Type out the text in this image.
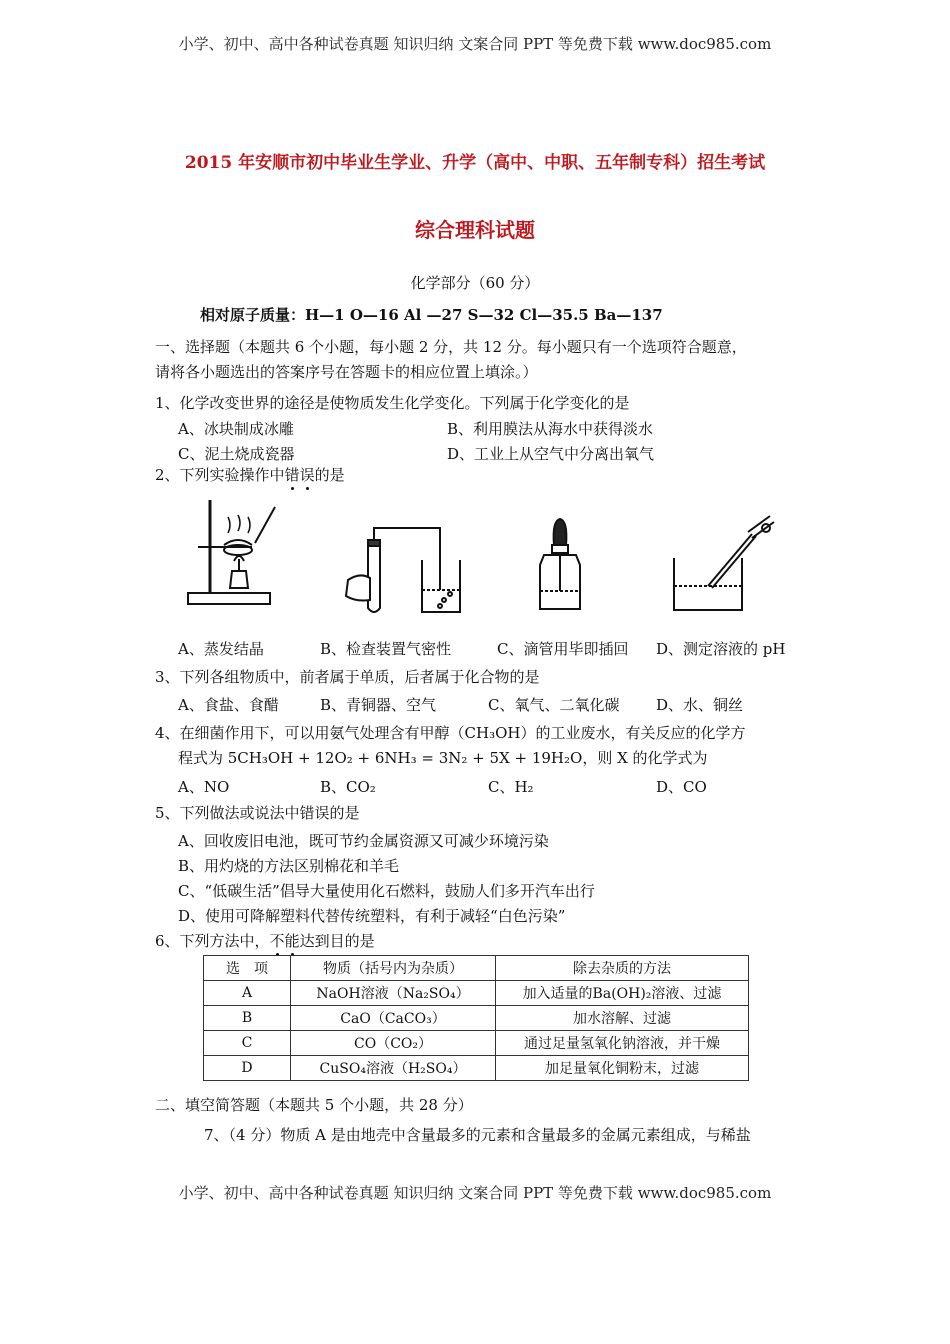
小学、初中、高中各种试卷真题 知识归纳 文案合同 PPT 等免费下载 www.doc985.com
2015 年安顺市初中毕业生学业、升学（高中、中职、五年制专科）招生考试
综合理科试题
化学部分（60 分）
相对原子质量：H—1 O—16 Al —27 S—32 Cl—35.5 Ba—137
一、选择题（本题共 6 个小题，每小题 2 分，共 12 分。每小题只有一个选项符合题意，
请将各小题选出的答案序号在答题卡的相应位置上填涂。）
1、化学改变世界的途径是使物质发生化学变化。下列属于化学变化的是
A、冰块制成冰雕	B、利用膜法从海水中获得淡水
C、泥土烧成瓷器	D、工业上从空气中分离出氧气
2、下列实验操作中错误的是
A、蒸发结晶	B、检查装置气密性	C、滴管用毕即插回 D、测定溶液的 pH
3、下列各组物质中，前者属于单质，后者属于化合物的是
A、食盐、食醋	B、青铜器、空气	C、氧气、二氧化碳 D、水、铜丝
4、在细菌作用下，可以用氨气处理含有甲醇（CH₃OH）的工业废水，有关反应的化学方
程式为 5CH₃OH + 12O₂ + 6NH₃ = 3N₂ + 5X + 19H₂O，则 X 的化学式为
A、NO	B、CO₂	C、H₂	D、CO
5、下列做法或说法中错误的是
A、回收废旧电池，既可节约金属资源又可减少环境污染
B、用灼烧的方法区别棉花和羊毛
C、“低碳生活”倡导大量使用化石燃料，鼓励人们多开汽车出行
D、使用可降解塑料代替传统塑料，有利于减轻“白色污染”
6、下列方法中，不能达到目的是
选　项	物质（括号内为杂质）	除去杂质的方法
A	NaOH溶液（Na₂SO₄）	加入适量的Ba(OH)₂溶液、过滤
B	CaO（CaCO₃）	加水溶解、过滤
C	CO（CO₂）	通过足量氢氧化钠溶液，并干燥
D	CuSO₄溶液（H₂SO₄）	加足量氧化铜粉末，过滤
二、填空简答题（本题共 5 个小题，共 28 分）
7、（4 分）物质 A 是由地壳中含量最多的元素和含量最多的金属元素组成，与稀盐
小学、初中、高中各种试卷真题 知识归纳 文案合同 PPT 等免费下载 www.doc985.com
